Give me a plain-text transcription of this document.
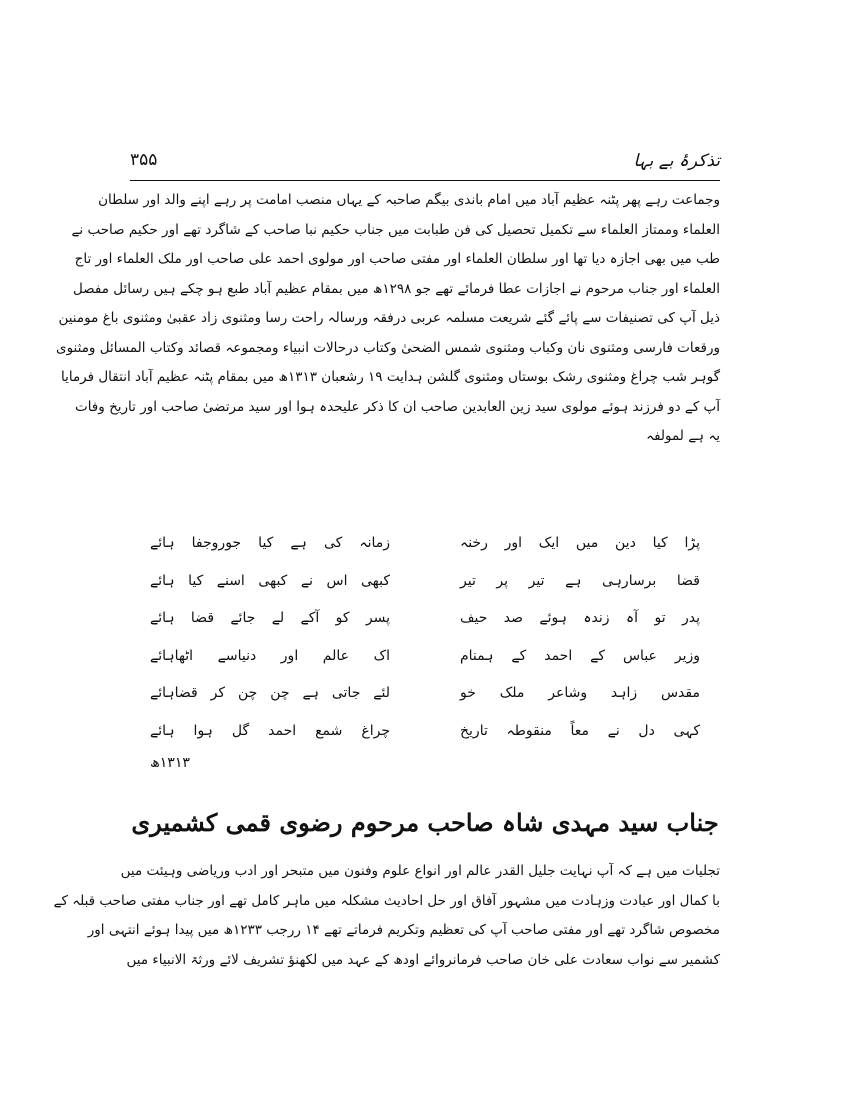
تذکرۂ بے بہا
۳۵۵
وجماعت رہے پھر پٹنہ عظیم آباد میں امام باندی بیگم صاحبہ کے یہاں منصب امامت پر رہے اپنے والد اور سلطان
العلماء وممتاز العلماء سے تکمیل تحصیل کی فن طبابت میں جناب حکیم نبا صاحب کے شاگرد تھے اور حکیم صاحب نے
طب میں بھی اجازہ دیا تھا اور سلطان العلماء اور مفتی صاحب اور مولوی احمد علی صاحب اور ملک العلماء اور تاج
العلماء اور جناب مرحوم نے اجازات عطا فرمائے تھے جو ۱۲۹۸ھ میں بمقام عظیم آباد طبع ہو چکے ہیں رسائل مفصل
ذیل آپ کی تصنیفات سے پائے گئے شریعت مسلمہ عربی درفقہ ورسالہ راحت رسا ومثنوی زاد عقبیٰ ومثنوی باغ مومنین
ورقعات فارسی ومثنوی نان وکباب ومثنوی شمس الضحیٰ وکتاب درحالات انبیاء ومجموعہ قصائد وکتاب المسائل ومثنوی
گوہر شب چراغ ومثنوی رشک بوستاں ومثنوی گلشن ہدایت ۱۹ رشعبان ۱۳۱۳ھ میں بمقام پٹنہ عظیم آباد انتقال فرمایا
آپ کے دو فرزند ہوئے مولوی سید زین العابدین صاحب ان کا ذکر علیحدہ ہوا اور سید مرتضیٰ صاحب اور تاریخ وفات
یہ ہے لمولفہ
پڑا کیا دین میں ایک اور رخنہ
زمانہ کی ہے کیا جوروجفا ہائے
قضا برسارہی ہے تیر پر تیر
کبھی اس نے کبھی اسنے کیا ہائے
پدر تو آہ زندہ ہوئے صد حیف
پسر کو آکے لے جائے قضا ہائے
وزیر عباس کے احمد کے ہمنام
اک عالم اور دنیاسے اٹھاہائے
مقدس زاہد وشاعر ملک خو
لئے جاتی ہے چن چن کر قضاہائے
کہی دل نے معاً منقوطہ تاریخ
چراغ شمع احمد گل ہوا ہائے
۱۳۱۳ھ
جناب سید مہدی شاہ صاحب مرحوم رضوی قمی کشمیری
تجلیات میں ہے کہ آپ نہایت جلیل القدر عالم اور انواع علوم وفنون میں متبحر اور ادب وریاضی وہیئت میں
با کمال اور عبادت وزہادت میں مشہور آفاق اور حل احادیث مشکلہ میں ماہر کامل تھے اور جناب مفتی صاحب قبلہ کے
مخصوص شاگرد تھے اور مفتی صاحب آپ کی تعظیم وتکریم فرماتے تھے ۱۴ ررجب ۱۲۳۳ھ میں پیدا ہوئے انتہی اور
کشمیر سے نواب سعادت علی خان صاحب فرمانروائے اودھ کے عہد میں لکھنؤ تشریف لائے ورثۃ الانبیاء میں
